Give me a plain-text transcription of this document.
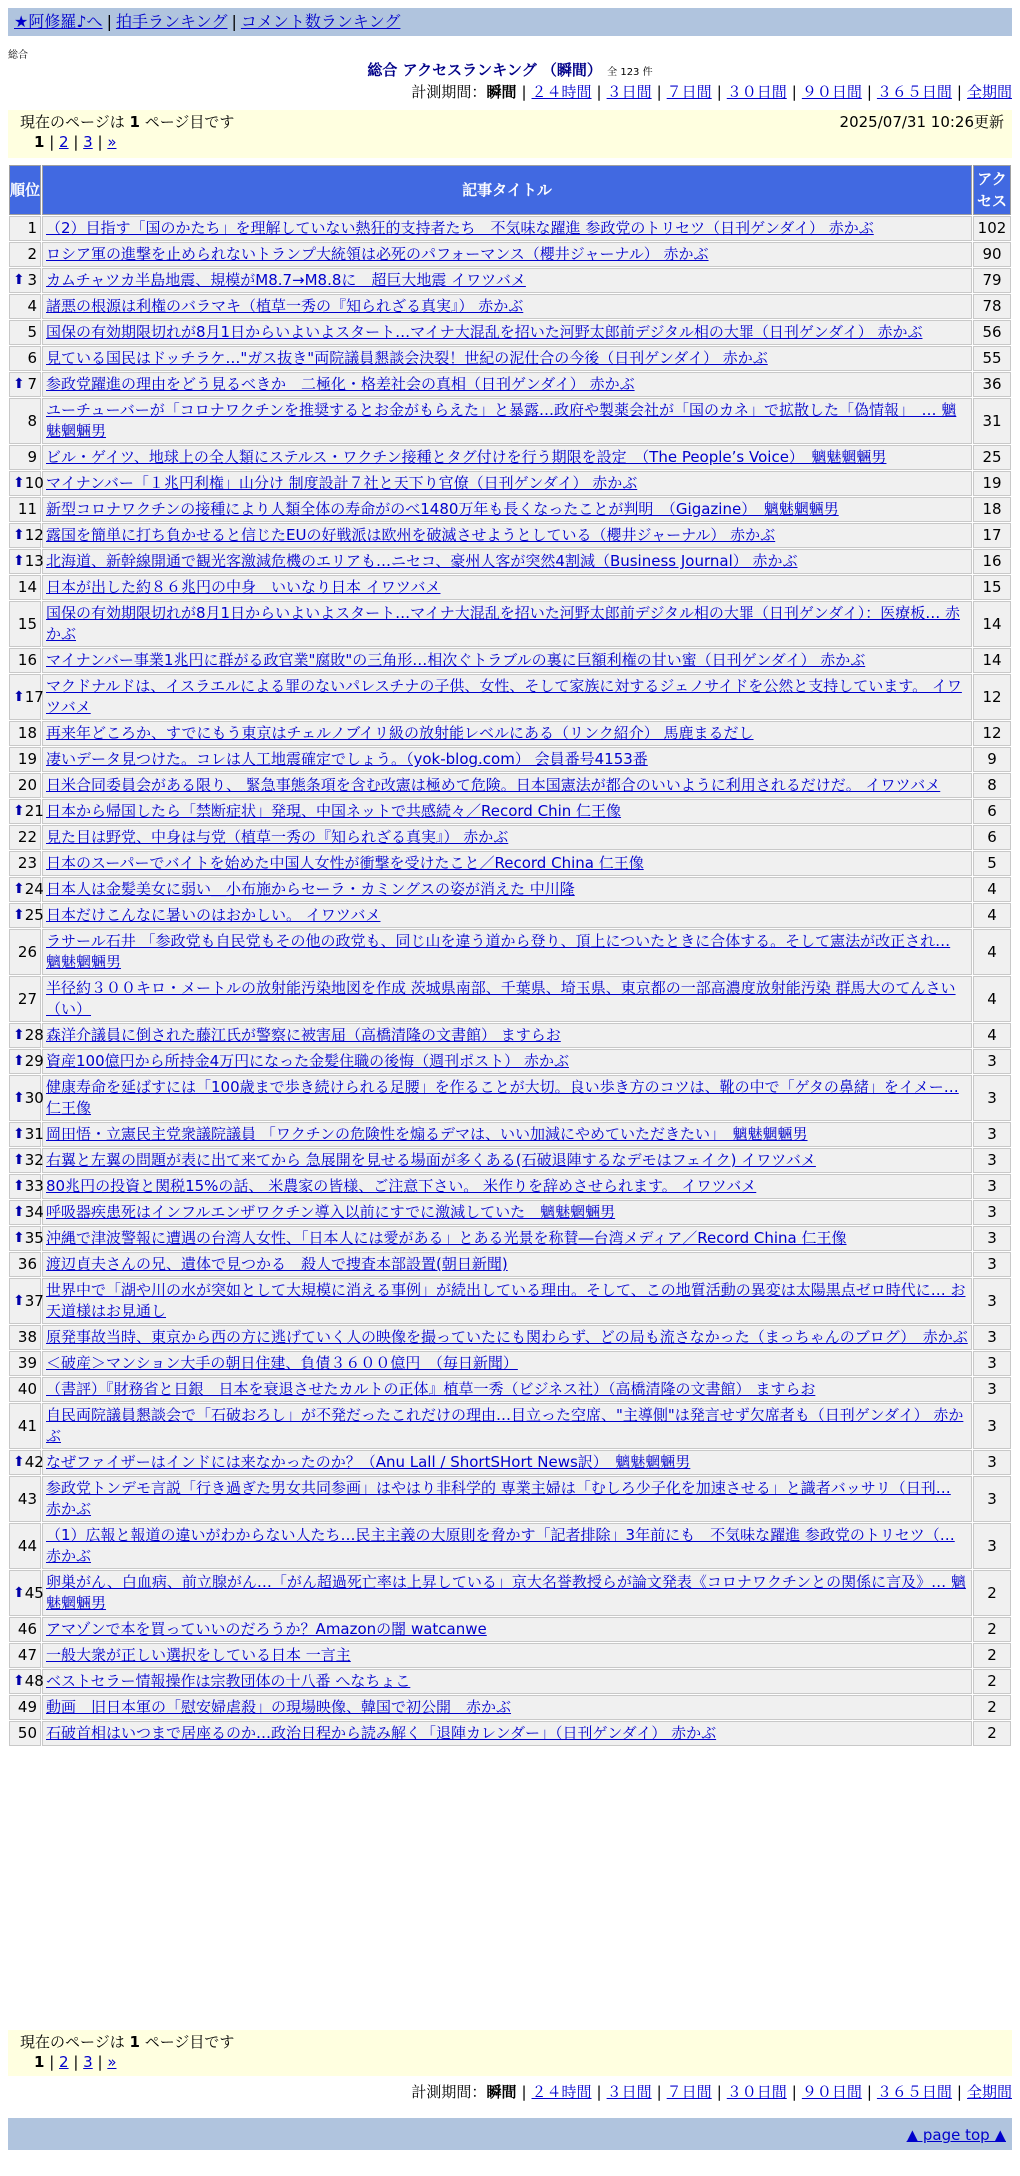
★阿修羅♪へ | 拍手ランキング | コメント数ランキング
総合
総合 アクセスランキング （瞬間） 全 123 件
計測期間：瞬間 | ２４時間 | ３日間 | ７日間 | ３０日間 | ９０日間 | ３６５日間 | 全期間
現在のページは 1 ページ目です	2025/07/31 10:26更新
1 | 2 | 3 | »
順位	記事タイトル	アクセス
1	（2）目指す「国のかたち」を理解していない熱狂的支持者たち　不気味な躍進 参政党のトリセツ（日刊ゲンダイ） 赤かぶ	102
2	ロシア軍の進撃を止められないトランプ大統領は必死のパフォーマンス（櫻井ジャーナル） 赤かぶ	90

⬆ 3	カムチャツカ半島地震、規模がM8.7→M8.8に　超巨大地震 イワツバメ	79
4	諸悪の根源は利権のバラマキ（植草一秀の『知られざる真実』） 赤かぶ	78
5	国保の有効期限切れが8月1日からいよいよスタート…マイナ大混乱を招いた河野太郎前デジタル相の大罪（日刊ゲンダイ） 赤かぶ	56
6	見ている国民はドッチラケ…"ガス抜き"両院議員懇談会決裂！世紀の泥仕合の今後（日刊ゲンダイ） 赤かぶ	55

⬆ 7	参政党躍進の理由をどう見るべきか　二極化・格差社会の真相（日刊ゲンダイ） 赤かぶ	36
8	ユーチューバーが「コロナワクチンを推奨するとお金がもらえた」と暴露…政府や製薬会社が「国のカネ」で拡散した「偽情報」　… 魑魅魍魎男	31
9	ビル・ゲイツ、地球上の全人類にステルス・ワクチン接種とタグ付けを行う期限を設定　（The People’s Voice）　魑魅魍魎男	25

⬆ 10	マイナンバー「１兆円利権」山分け 制度設計７社と天下り官僚（日刊ゲンダイ） 赤かぶ	19
11	新型コロナワクチンの接種により人類全体の寿命がのべ1480万年も長くなったことが判明　（Gigazine）　魑魅魍魎男	18

⬆ 12	露国を簡単に打ち負かせると信じたEUの好戦派は欧州を破滅させようとしている（櫻井ジャーナル） 赤かぶ	17

⬆ 13	北海道、新幹線開通で観光客激減危機のエリアも…ニセコ、豪州人客が突然4割減（Business Journal） 赤かぶ	16
14	日本が出した約８６兆円の中身　いいなり日本 イワツバメ	15
15	国保の有効期限切れが8月1日からいよいよスタート…マイナ大混乱を招いた河野太郎前デジタル相の大罪（日刊ゲンダイ）：医療板… 赤かぶ	14
16	マイナンバー事業1兆円に群がる政官業"腐敗"の三角形…相次ぐトラブルの裏に巨額利権の甘い蜜（日刊ゲンダイ） 赤かぶ	14

⬆ 17	マクドナルドは、イスラエルによる罪のないパレスチナの子供、女性、そして家族に対するジェノサイドを公然と支持しています。 イワツバメ	12
18	再来年どころか、すでにもう東京はチェルノブイリ級の放射能レベルにある（リンク紹介） 馬鹿まるだし	12
19	凄いデータ見つけた。コレは人工地震確定でしょう。（yok-blog.com） 会員番号4153番	9
20	日米合同委員会がある限り、 緊急事態条項を含む改憲は極めて危険。日本国憲法が都合のいいように利用されるだけだ。 イワツバメ	8

⬆ 21	日本から帰国したら「禁断症状」発現、中国ネットで共感続々／Record Chin 仁王像	6
22	見た目は野党、中身は与党（植草一秀の『知られざる真実』） 赤かぶ	6
23	日本のスーパーでバイトを始めた中国人女性が衝撃を受けたこと／Record China 仁王像	5

⬆ 24	日本人は金髪美女に弱い＿小布施からセーラ・カミングスの姿が消えた 中川隆	4

⬆ 25	日本だけこんなに暑いのはおかしい。 イワツバメ	4
26	ラサール石井 「参政党も自民党もその他の政党も、同じ山を違う道から登り、頂上についたときに合体する。そして憲法が改正され… 魑魅魍魎男	4
27	半径約３００キロ・メートルの放射能汚染地図を作成 茨城県南部、千葉県、埼玉県、東京都の一部高濃度放射能汚染 群馬大のてんさい（い）	4

⬆ 28	森洋介議員に倒された藤江氏が警察に被害届（高橋清隆の文書館） ますらお	4

⬆ 29	資産100億円から所持金4万円になった金髪住職の後悔（週刊ポスト） 赤かぶ	3

⬆ 30	健康寿命を延ばすには「100歳まで歩き続けられる足腰」を作ることが大切。良い歩き方のコツは、靴の中で「ゲタの鼻緒」をイメー… 仁王像	3

⬆ 31	岡田悟・立憲民主党衆議院議員 「ワクチンの危険性を煽るデマは、いい加減にやめていただきたい」　魑魅魍魎男	3

⬆ 32	右翼と左翼の問題が表に出て来てから 急展開を見せる場面が多くある(石破退陣するなデモはフェイク) イワツバメ	3

⬆ 33	80兆円の投資と関税15%の話、 米農家の皆様、ご注意下さい。 米作りを辞めさせられます。 イワツバメ	3

⬆ 34	呼吸器疾患死はインフルエンザワクチン導入以前にすでに激減していた　魑魅魍魎男	3

⬆ 35	沖縄で津波警報に遭遇の台湾人女性、「日本人には愛がある」とある光景を称賛―台湾メディア／Record China 仁王像	3
36	渡辺貞夫さんの兄、遺体で見つかる　殺人で捜査本部設置(朝日新聞)	3

⬆ 37	世界中で「湖や川の水が突如として大規模に消える事例」が続出している理由。そして、この地質活動の異変は太陽黒点ゼロ時代に… お天道様はお見通し	3
38	原発事故当時、東京から西の方に逃げていく人の映像を撮っていたにも関わらず、どの局も流さなかった（まっちゃんのブログ）　赤かぶ	3
39	＜破産＞マンション大手の朝日住建、負債３６００億円　（毎日新聞）	3
40	（書評）『財務省と日銀　日本を衰退させたカルトの正体』植草一秀（ビジネス社）（高橋清隆の文書館） ますらお	3
41	自民両院議員懇談会で「石破おろし」が不発だったこれだけの理由…目立った空席、"主導側"は発言せず欠席者も（日刊ゲンダイ） 赤かぶ	3

⬆ 42	なぜファイザーはインドには来なかったのか？（Anu Lall / ShortSHort News訳）　魑魅魍魎男	3
43	参政党トンデモ言説「行き過ぎた男女共同参画」はやはり非科学的 専業主婦は「むしろ少子化を加速させる」と識者バッサリ（日刊… 赤かぶ	3
44	（1）広報と報道の違いがわからない人たち…民主主義の大原則を脅かす「記者排除」3年前にも　不気味な躍進 参政党のトリセツ（… 赤かぶ	3

⬆ 45	卵巣がん、白血病、前立腺がん…「がん超過死亡率は上昇している」京大名誉教授らが論文発表《コロナワクチンとの関係に言及》… 魑魅魍魎男	2
46	アマゾンで本を買っていいのだろうか？Amazonの闇 watcanwe	2
47	一般大衆が正しい選択をしている日本 一言主	2

⬆ 48	ベストセラー情報操作は宗教団体の十八番 へなちょこ	2
49	動画　旧日本軍の「慰安婦虐殺」の現場映像、韓国で初公開　赤かぶ	2
50	石破首相はいつまで居座るのか…政治日程から読み解く「退陣カレンダー」（日刊ゲンダイ） 赤かぶ	2
現在のページは 1 ページ目です
1 | 2 | 3 | »
計測期間：瞬間 | ２４時間 | ３日間 | ７日間 | ３０日間 | ９０日間 | ３６５日間 | 全期間
▲ page top ▲
